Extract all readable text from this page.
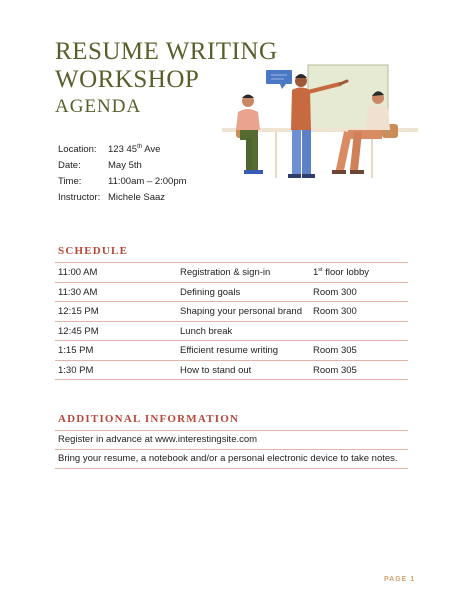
RESUME WRITING
WORKSHOP
AGENDA
Location:	123 45th Ave
Date:	May 5th
Time:	11:00am – 2:00pm
Instructor: Michele Saaz
SCHEDULE
11:00 AM	Registration & sign-in	1st floor lobby
11:30 AM	Defining goals	Room 300
12:15 PM	Shaping your personal brand	Room 300
12:45 PM	Lunch break
1:15 PM	Efficient resume writing	Room 305
1:30 PM	How to stand out	Room 305
ADDITIONAL INFORMATION
Register in advance at www.interestingsite.com
Bring your resume, a notebook and/or a personal electronic device to take notes.
PAGE 1
